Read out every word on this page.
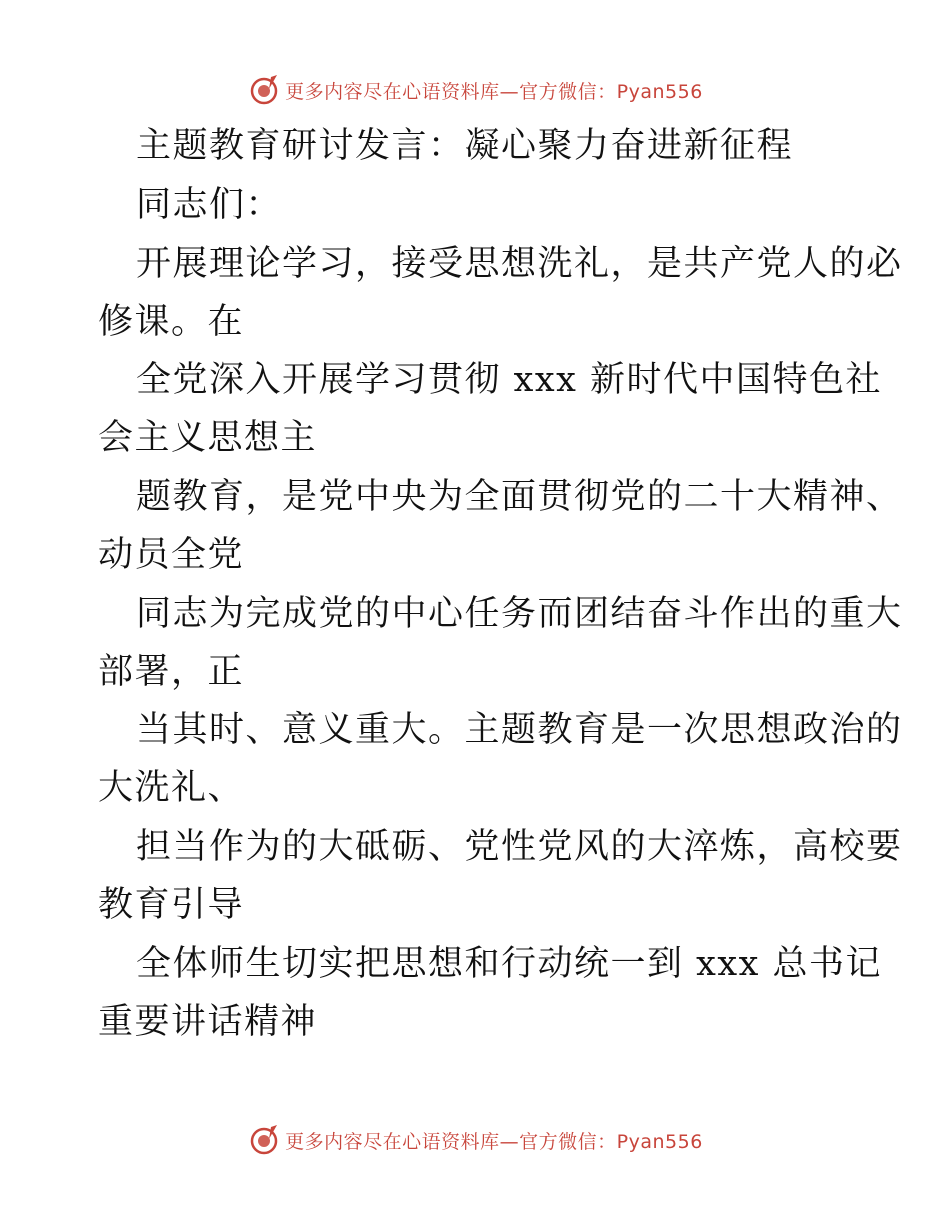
更多内容尽在心语资料库—官方微信：Pyan556
主题教育研讨发言：凝心聚力奋进新征程
同志们：
开展理论学习，接受思想洗礼，是共产党人的必
修课。在
全党深入开展学习贯彻 xxx 新时代中国特色社
会主义思想主
题教育，是党中央为全面贯彻党的二十大精神、
动员全党
同志为完成党的中心任务而团结奋斗作出的重大
部署，正
当其时、意义重大。主题教育是一次思想政治的
大洗礼、
担当作为的大砥砺、党性党风的大淬炼，高校要
教育引导
全体师生切实把思想和行动统一到 xxx 总书记
重要讲话精神
更多内容尽在心语资料库—官方微信：Pyan556
